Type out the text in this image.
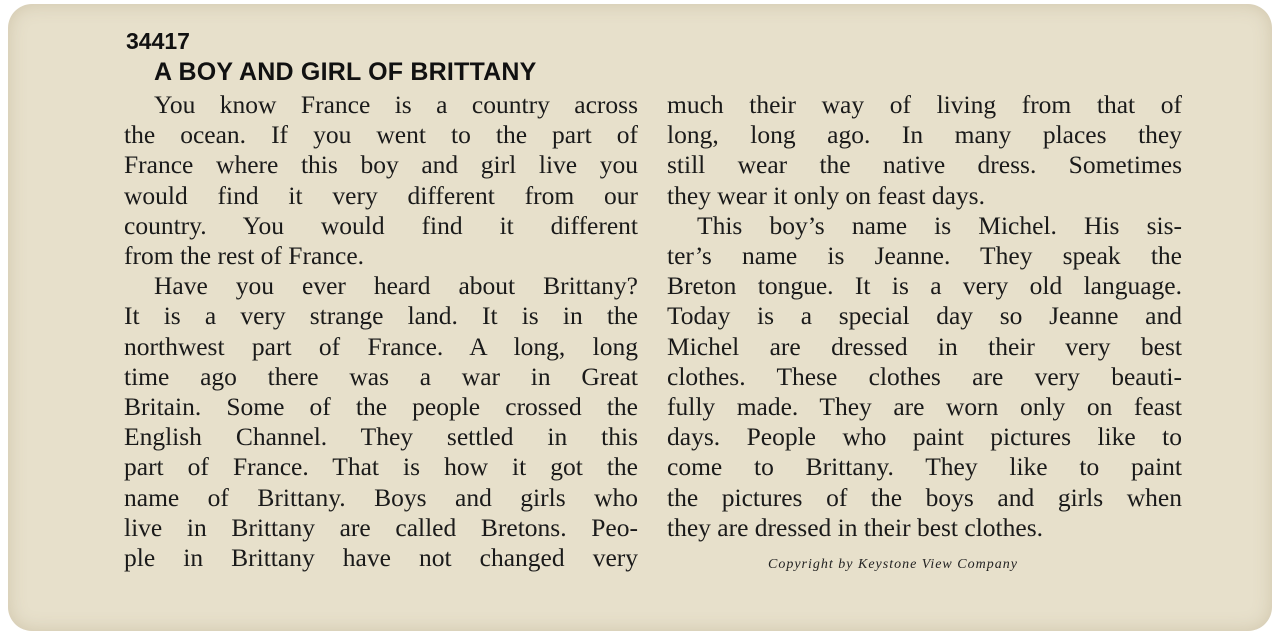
34417
A BOY AND GIRL OF BRITTANY
You know France is a country across
the ocean. If you went to the part of
France where this boy and girl live you
would find it very different from our
country. You would find it different
from the rest of France.
Have you ever heard about Brittany?
It is a very strange land. It is in the
northwest part of France. A long, long
time ago there was a war in Great
Britain. Some of the people crossed the
English Channel. They settled in this
part of France. That is how it got the
name of Brittany. Boys and girls who
live in Brittany are called Bretons. Peo-
ple in Brittany have not changed very
much their way of living from that of
long, long ago. In many places they
still wear the native dress. Sometimes
they wear it only on feast days.
This boy’s name is Michel. His sis-
ter’s name is Jeanne. They speak the
Breton tongue. It is a very old language.
Today is a special day so Jeanne and
Michel are dressed in their very best
clothes. These clothes are very beauti-
fully made. They are worn only on feast
days. People who paint pictures like to
come to Brittany. They like to paint
the pictures of the boys and girls when
they are dressed in their best clothes.
Copyright by Keystone View Company
